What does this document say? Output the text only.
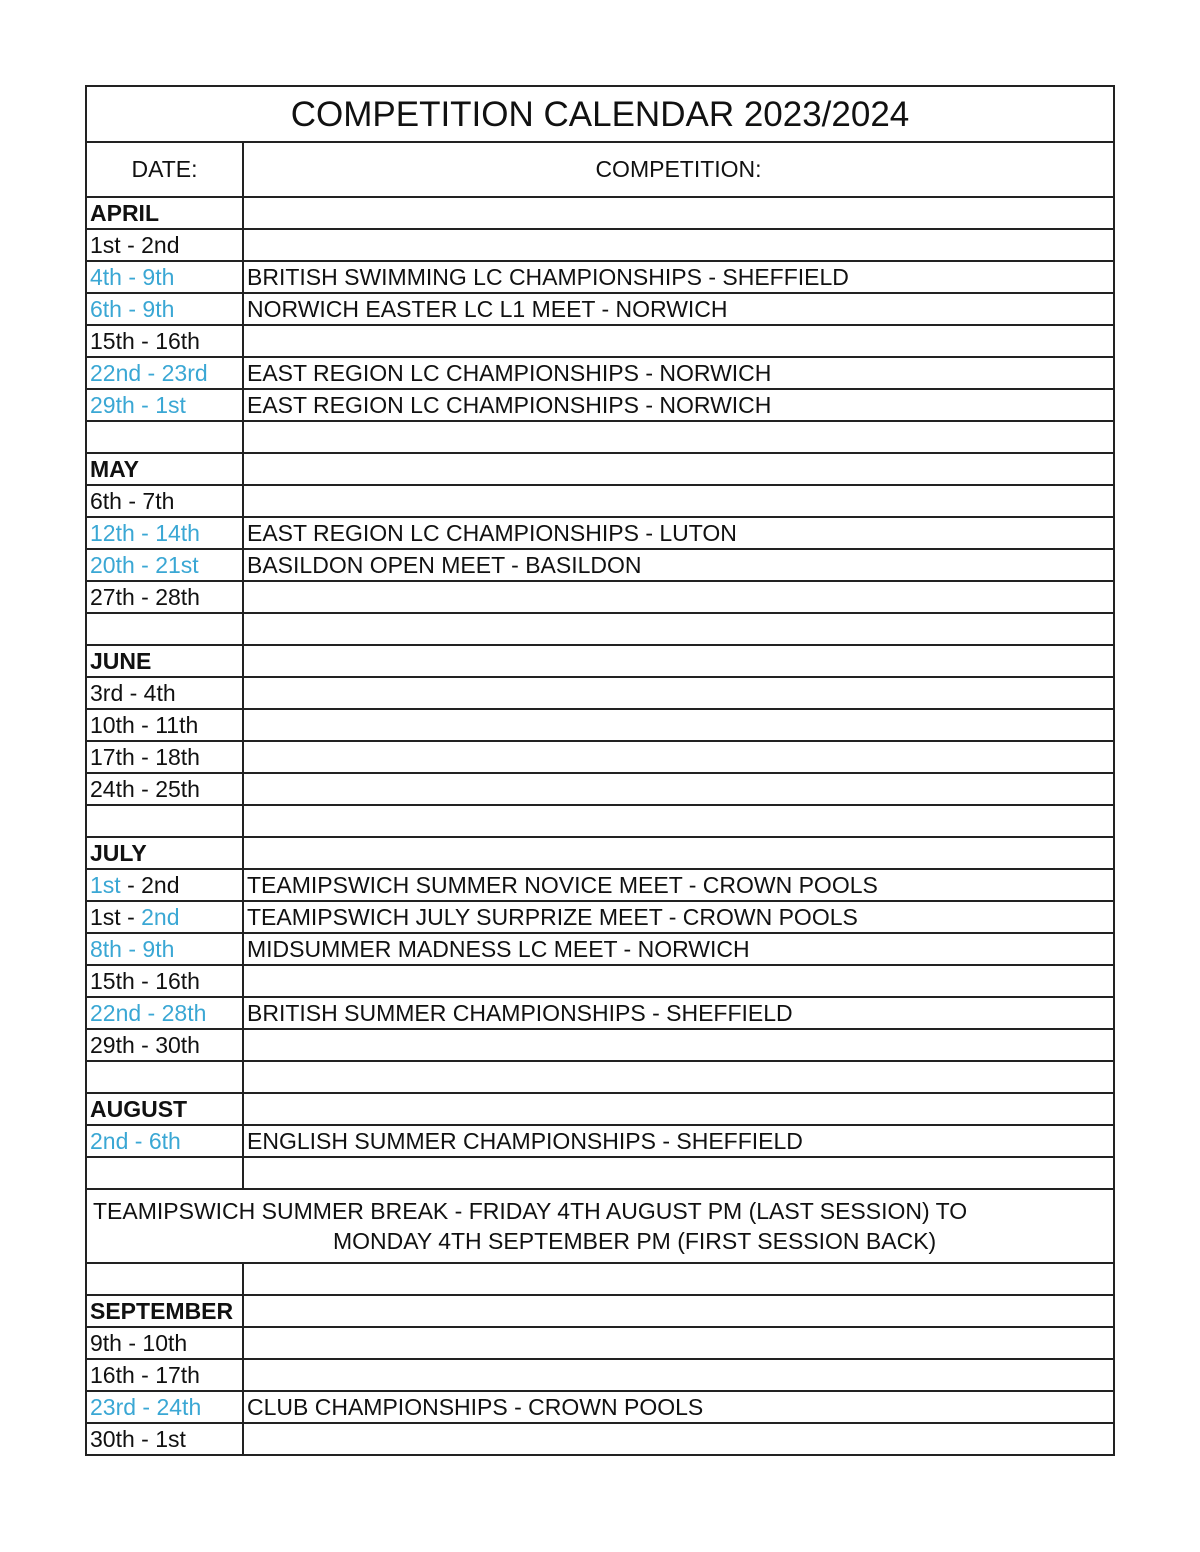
COMPETITION CALENDAR 2023/2024	
DATE:	COMPETITION:
APRIL	
1st - 2nd	
4th - 9th	BRITISH SWIMMING LC CHAMPIONSHIPS - SHEFFIELD
6th - 9th	NORWICH EASTER LC L1 MEET - NORWICH
15th - 16th	
22nd - 23rd	EAST REGION LC CHAMPIONSHIPS - NORWICH
29th - 1st	EAST REGION LC CHAMPIONSHIPS - NORWICH

MAY	
6th - 7th	
12th - 14th	EAST REGION LC CHAMPIONSHIPS - LUTON
20th - 21st	BASILDON OPEN MEET - BASILDON
27th - 28th	

JUNE	
3rd - 4th	
10th - 11th	
17th - 18th	
24th - 25th	

JULY	
1st - 2nd	TEAMIPSWICH SUMMER NOVICE MEET - CROWN POOLS
1st - 2nd	TEAMIPSWICH JULY SURPRIZE MEET - CROWN POOLS
8th - 9th	MIDSUMMER MADNESS LC MEET - NORWICH
15th - 16th	
22nd - 28th	BRITISH SUMMER CHAMPIONSHIPS - SHEFFIELD
29th - 30th	

AUGUST	
2nd - 6th	ENGLISH SUMMER CHAMPIONSHIPS - SHEFFIELD

TEAMIPSWICH SUMMER BREAK - FRIDAY 4TH AUGUST PM (LAST SESSION) TO
MONDAY 4TH SEPTEMBER PM (FIRST SESSION BACK)	

SEPTEMBER	
9th - 10th	
16th - 17th	
23rd - 24th	CLUB CHAMPIONSHIPS - CROWN POOLS
30th - 1st	
